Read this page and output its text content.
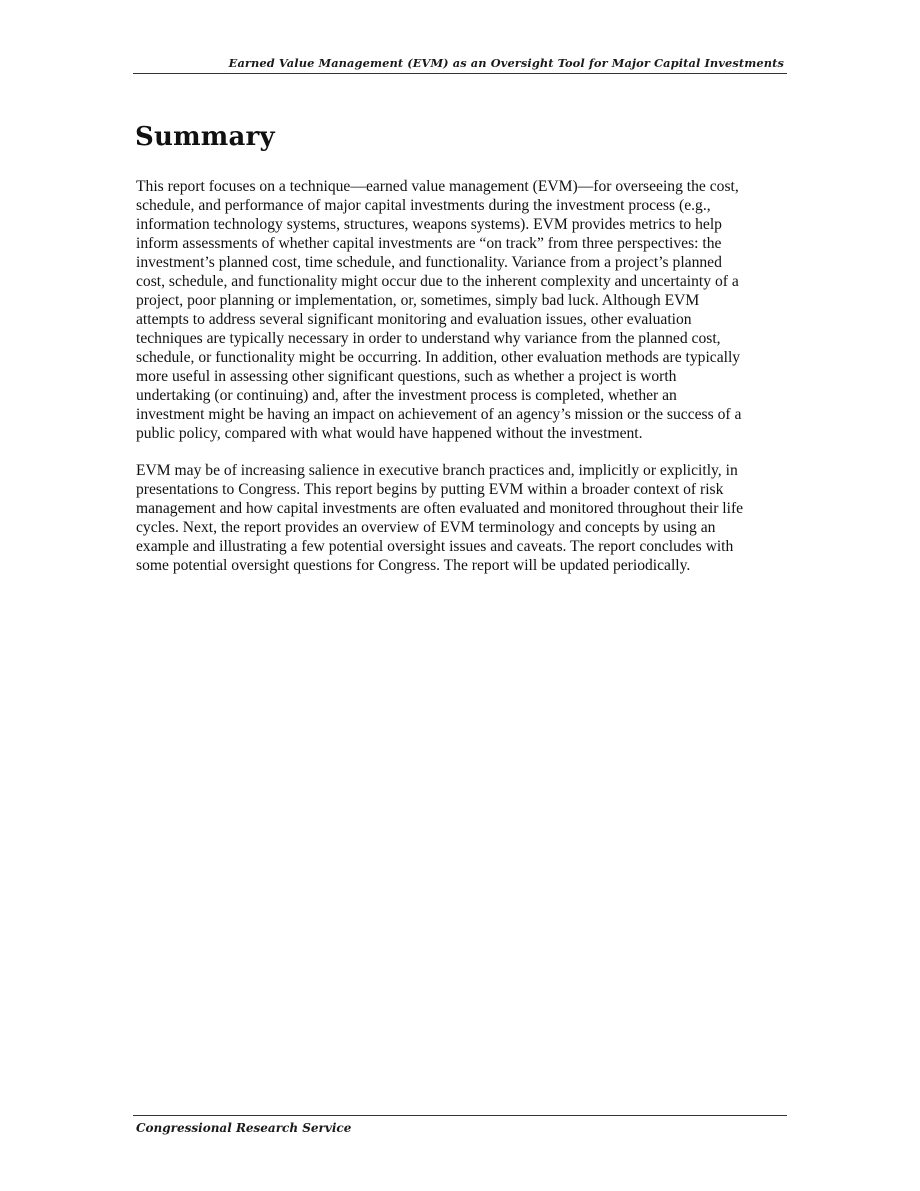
Earned Value Management (EVM) as an Oversight Tool for Major Capital Investments
Summary

This report focuses on a technique—earned value management (EVM)—for overseeing the cost,
schedule, and performance of major capital investments during the investment process (e.g.,
information technology systems, structures, weapons systems). EVM provides metrics to help
inform assessments of whether capital investments are “on track” from three perspectives: the
investment’s planned cost, time schedule, and functionality. Variance from a project’s planned
cost, schedule, and functionality might occur due to the inherent complexity and uncertainty of a
project, poor planning or implementation, or, sometimes, simply bad luck. Although EVM
attempts to address several significant monitoring and evaluation issues, other evaluation
techniques are typically necessary in order to understand why variance from the planned cost,
schedule, or functionality might be occurring. In addition, other evaluation methods are typically
more useful in assessing other significant questions, such as whether a project is worth
undertaking (or continuing) and, after the investment process is completed, whether an
investment might be having an impact on achievement of an agency’s mission or the success of a
public policy, compared with what would have happened without the investment.

EVM may be of increasing salience in executive branch practices and, implicitly or explicitly, in
presentations to Congress. This report begins by putting EVM within a broader context of risk
management and how capital investments are often evaluated and monitored throughout their life
cycles. Next, the report provides an overview of EVM terminology and concepts by using an
example and illustrating a few potential oversight issues and caveats. The report concludes with
some potential oversight questions for Congress. The report will be updated periodically.

Congressional Research Service
